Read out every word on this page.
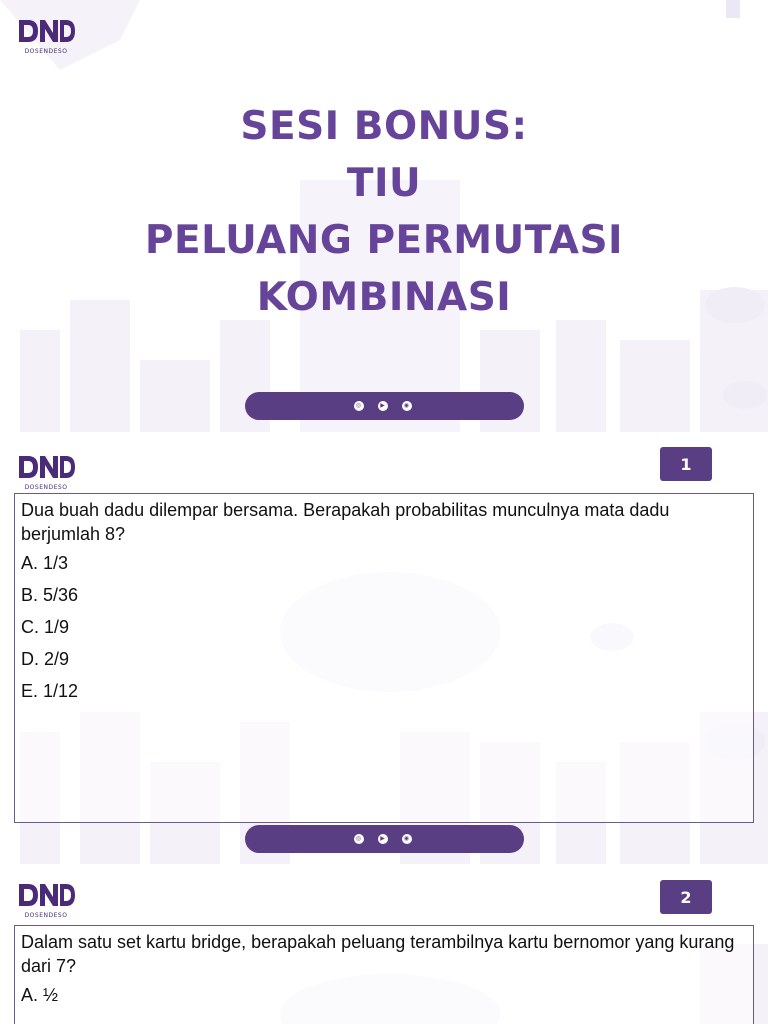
DOSENDESO
SESI BONUS:
TIU
PELUANG PERMUTASI
KOMBINASI
◎	▶	◉
DOSENDESO
1

Dua buah dadu dilempar bersama. Berapakah probabilitas munculnya mata dadu berjumlah 8?

A. 1/3

B. 5/36

C. 1/9

D. 2/9

E. 1/12

◎	▶	◉
DOSENDESO
2

Dalam satu set kartu bridge, berapakah peluang terambilnya kartu bernomor yang kurang dari 7?

A. ½
